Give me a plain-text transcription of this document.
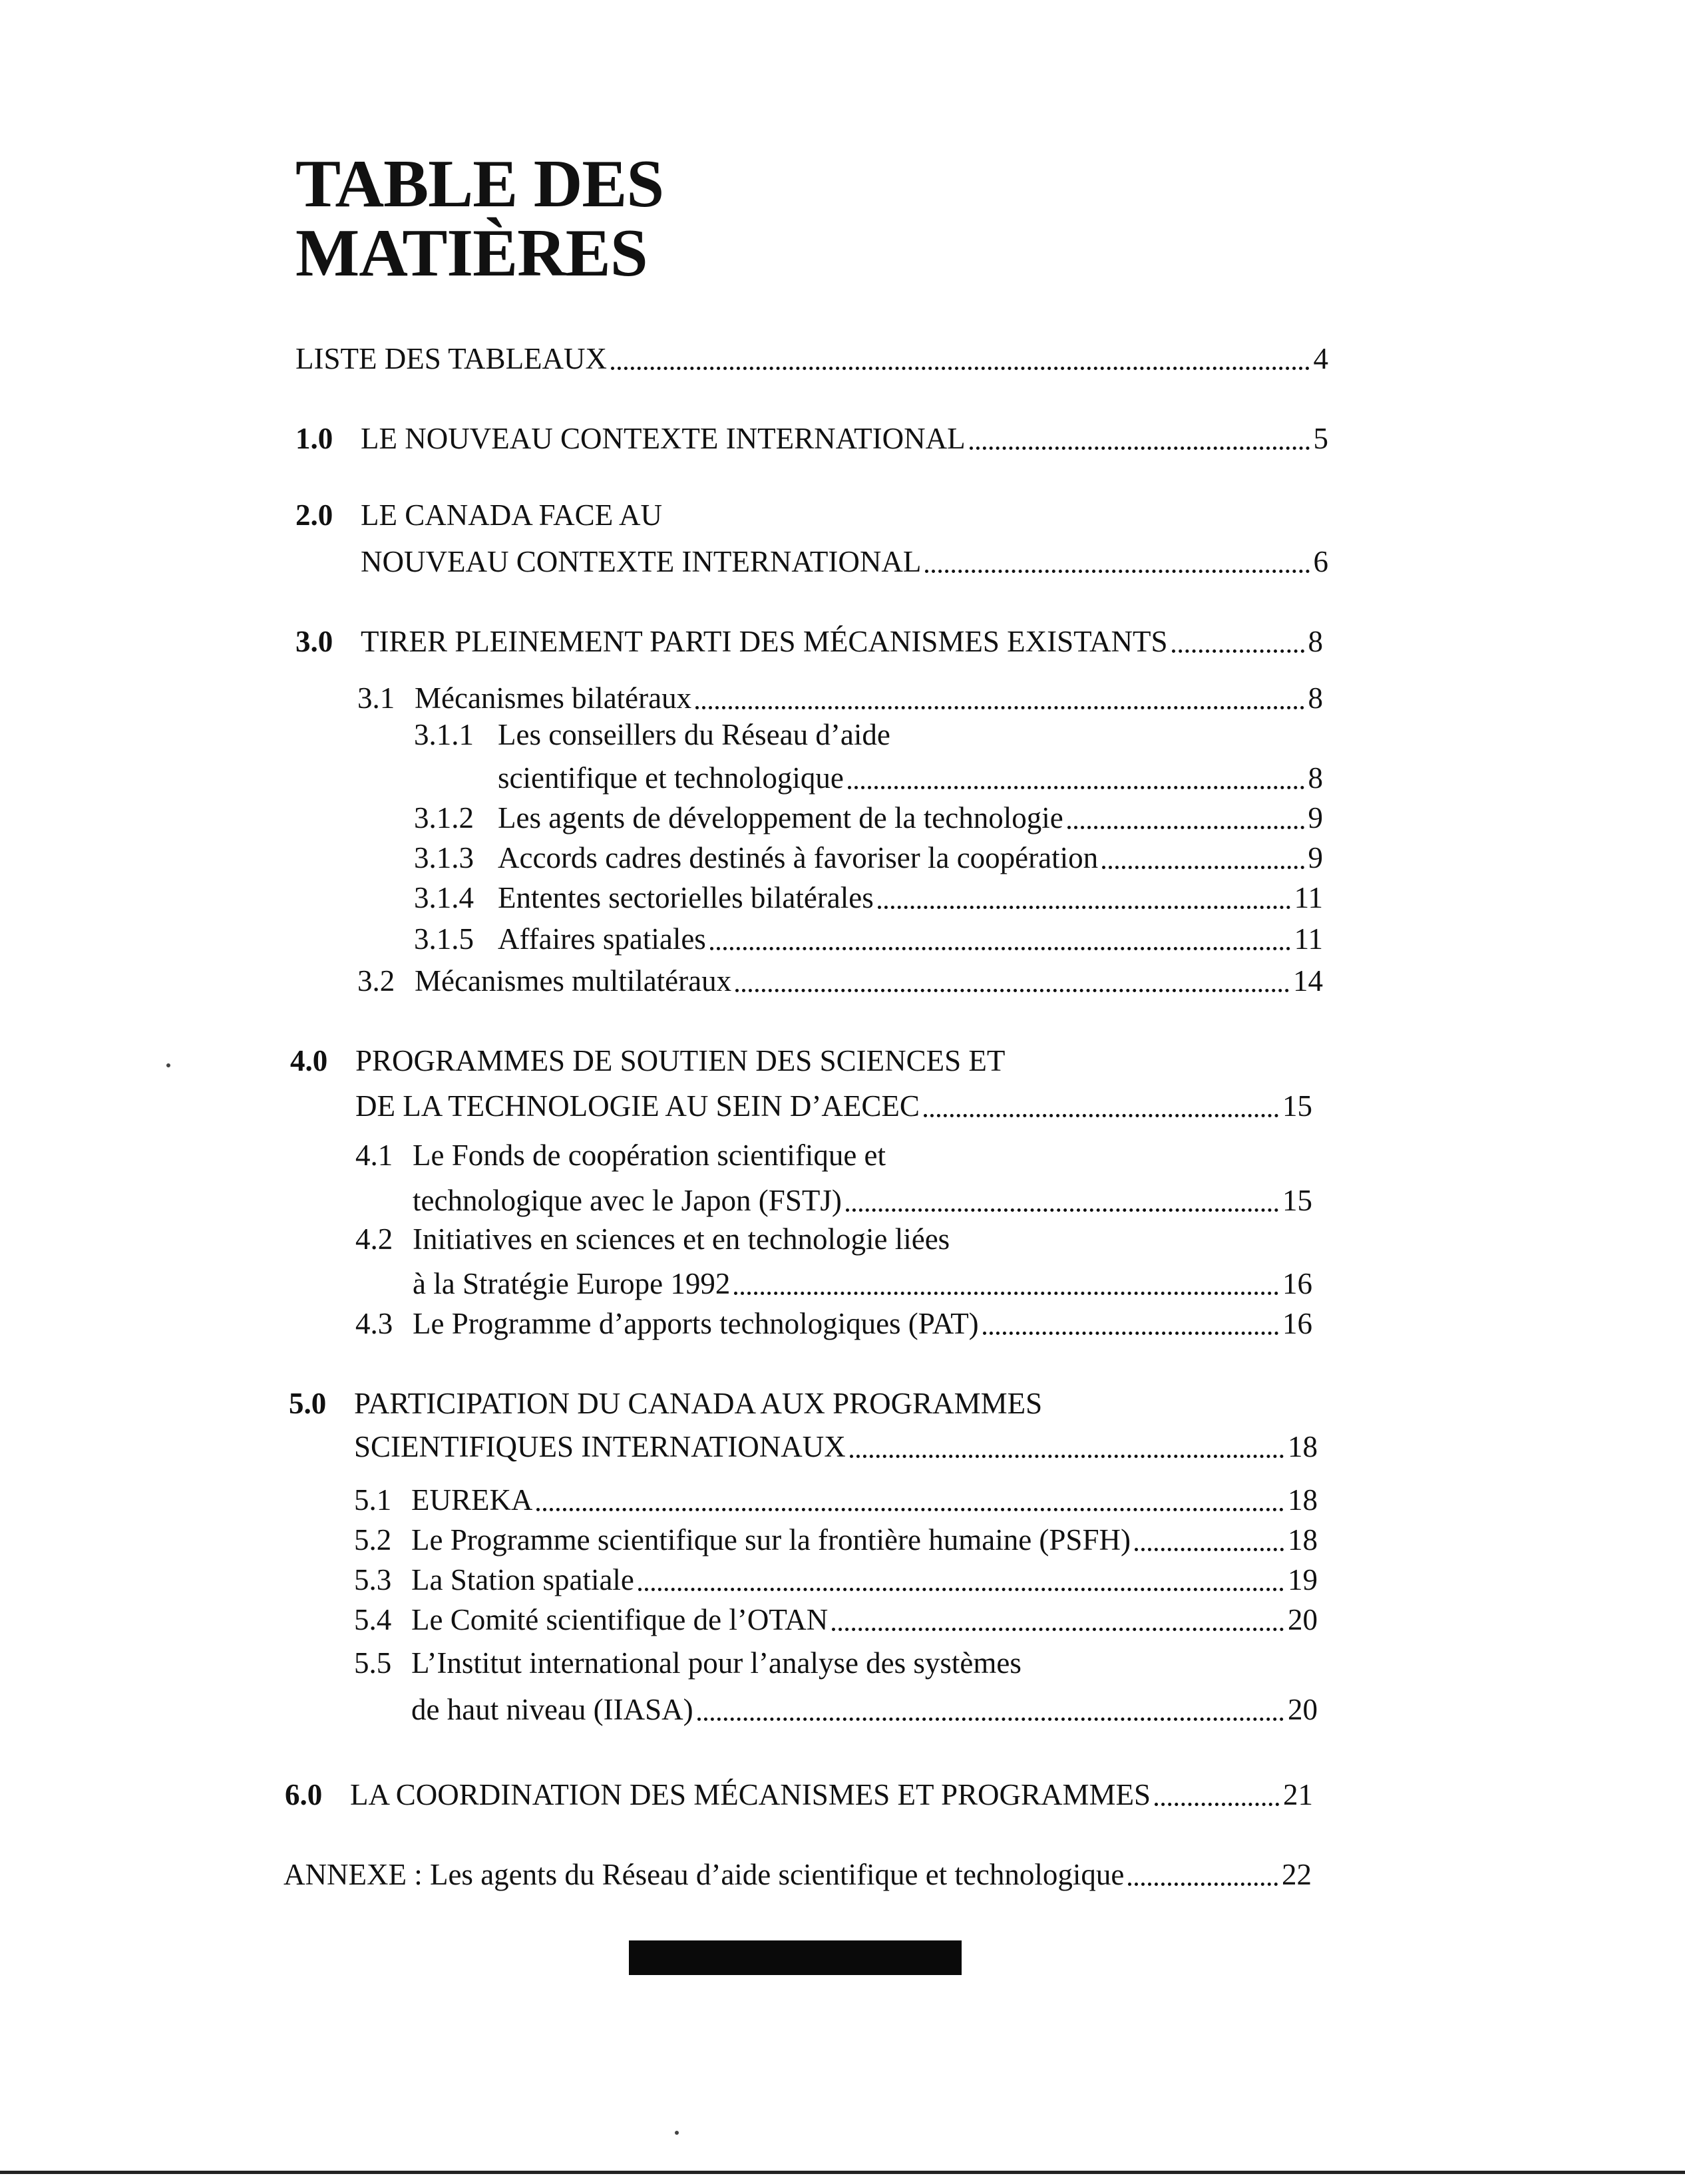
TABLE DES
MATIÈRES
LISTE DES TABLEAUX	4
1.0 LE NOUVEAU CONTEXTE INTERNATIONAL	5
2.0 LE CANADA FACE AU
NOUVEAU CONTEXTE INTERNATIONAL	6
3.0 TIRER PLEINEMENT PARTI DES MÉCANISMES EXISTANTS	8
3.1 Mécanismes bilatéraux	8
3.1.1 Les conseillers du Réseau d’aide
scientifique et technologique	8
3.1.2 Les agents de développement de la technologie	9
3.1.3 Accords cadres destinés à favoriser la coopération	9
3.1.4 Ententes sectorielles bilatérales	11
3.1.5 Affaires spatiales	11
3.2 Mécanismes multilatéraux	14
4.0 PROGRAMMES DE SOUTIEN DES SCIENCES ET
DE LA TECHNOLOGIE AU SEIN D’AECEC	15
4.1 Le Fonds de coopération scientifique et
technologique avec le Japon (FSTJ)	15
4.2 Initiatives en sciences et en technologie liées
à la Stratégie Europe 1992	16
4.3 Le Programme d’apports technologiques (PAT)	16
5.0 PARTICIPATION DU CANADA AUX PROGRAMMES
SCIENTIFIQUES INTERNATIONAUX	18
5.1 EUREKA	18
5.2 Le Programme scientifique sur la frontière humaine (PSFH)	18
5.3 La Station spatiale	19
5.4 Le Comité scientifique de l’OTAN	20
5.5 L’Institut international pour l’analyse des systèmes
de haut niveau (IIASA)	20
6.0 LA COORDINATION DES MÉCANISMES ET PROGRAMMES	21
ANNEXE : Les agents du Réseau d’aide scientifique et technologique	22
